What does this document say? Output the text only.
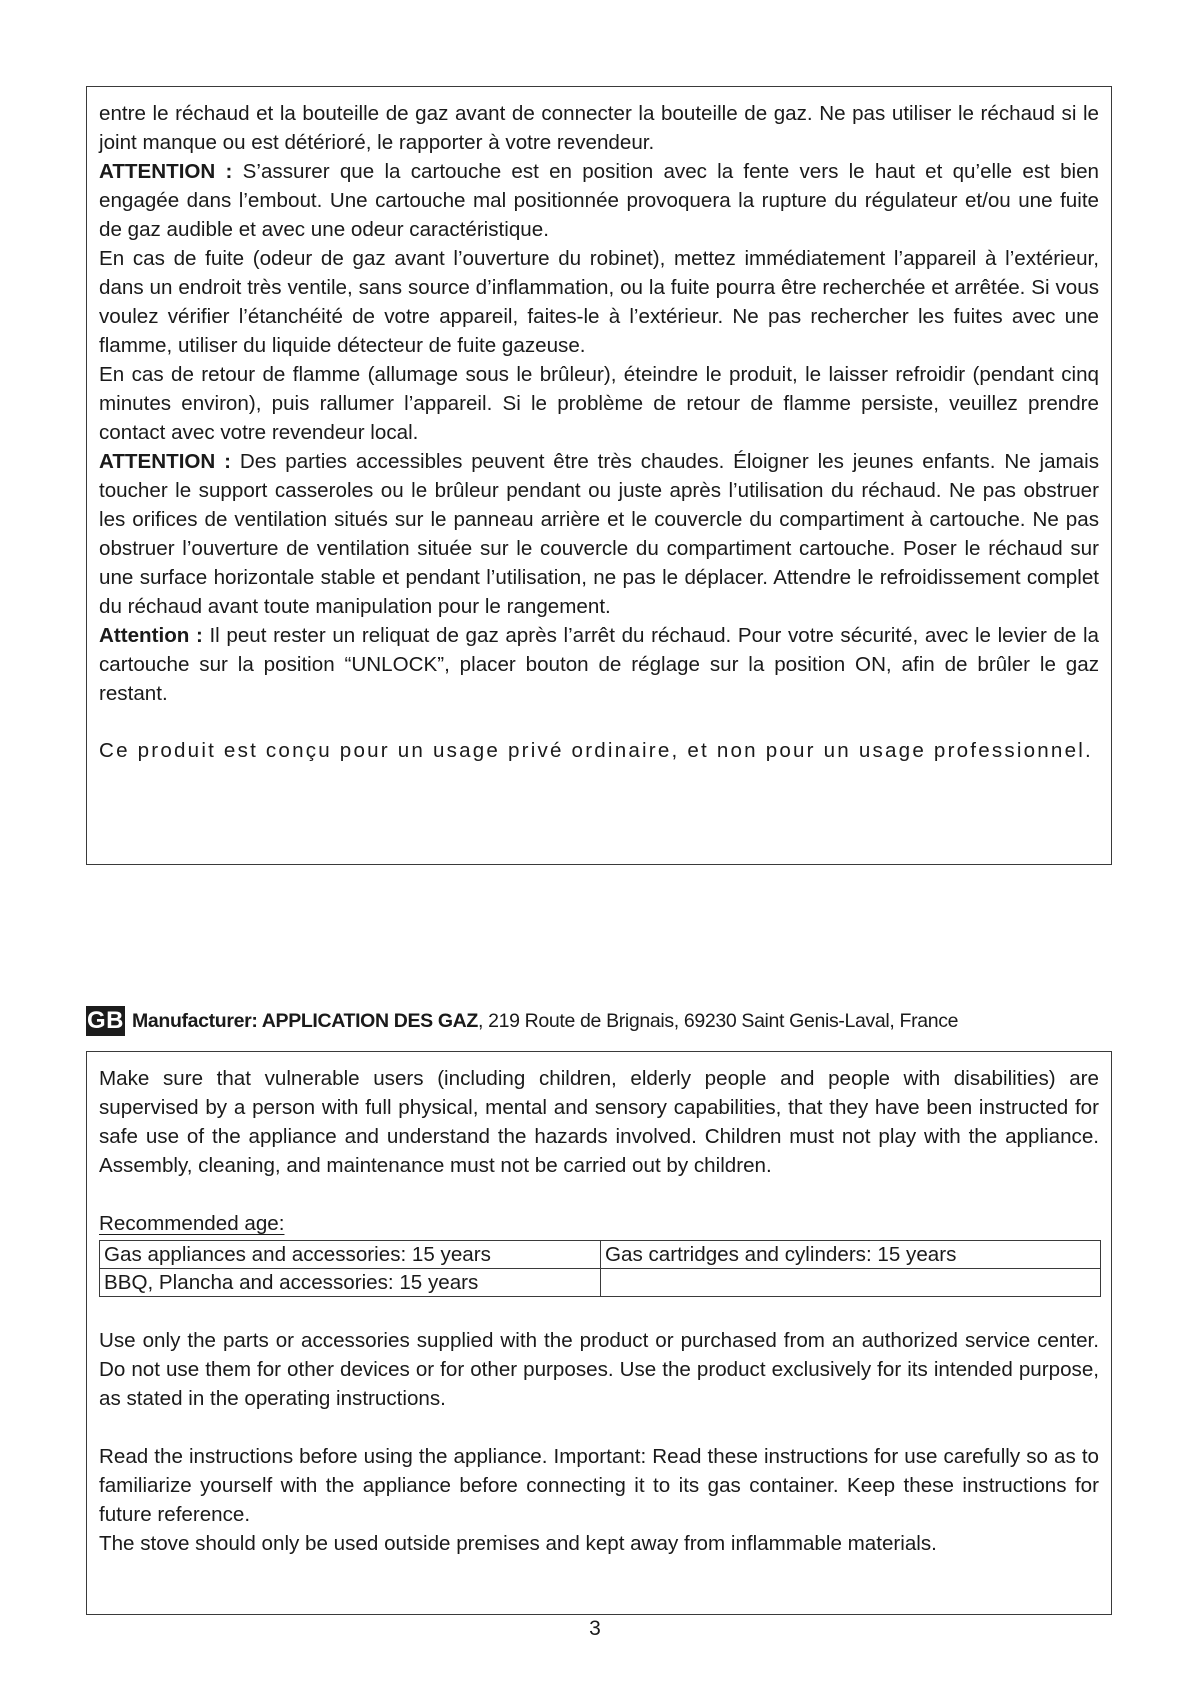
entre le réchaud et la bouteille de gaz avant de connecter la bouteille de gaz. Ne pas utiliser le réchaud si le joint manque ou est détérioré, le rapporter à votre revendeur.

ATTENTION : S’assurer que la cartouche est en position avec la fente vers le haut et qu’elle est bien engagée dans l’embout. Une cartouche mal positionnée provoquera la rupture du régulateur et/ou une fuite de gaz audible et avec une odeur caractéristique.

En cas de fuite (odeur de gaz avant l’ouverture du robinet), mettez immédiatement l’appareil à l’extérieur, dans un endroit très ventile, sans source d’inflammation, ou la fuite pourra être recherchée et arrêtée. Si vous voulez vérifier l’étanchéité de votre appareil, faites-le à l’extérieur. Ne pas rechercher les fuites avec une flamme, utiliser du liquide détecteur de fuite gazeuse.

En cas de retour de flamme (allumage sous le brûleur), éteindre le produit, le laisser refroidir (pendant cinq minutes environ), puis rallumer l’appareil. Si le problème de retour de flamme persiste, veuillez prendre contact avec votre revendeur local.

ATTENTION : Des parties accessibles peuvent être très chaudes. Éloigner les jeunes enfants. Ne jamais toucher le support casseroles ou le brûleur pendant ou juste après l’utilisation du réchaud. Ne pas obstruer les orifices de ventilation situés sur le panneau arrière et le couvercle du compartiment à cartouche. Ne pas obstruer l’ouverture de ventilation située sur le couvercle du compartiment cartouche. Poser le réchaud sur une surface horizontale stable et pendant l’utilisation, ne pas le déplacer. Attendre le refroidissement complet du réchaud avant toute manipulation pour le rangement.

Attention : Il peut rester un reliquat de gaz après l’arrêt du réchaud. Pour votre sécurité, avec le levier de la cartouche sur la position “UNLOCK”, placer bouton de réglage sur la position ON, afin de brûler le gaz restant.

Ce produit est conçu pour un usage privé ordinaire, et non pour un usage professionnel.

GB Manufacturer: APPLICATION DES GAZ, 219 Route de Brignais, 69230 Saint Genis-Laval, France

Make sure that vulnerable users (including children, elderly people and people with disabilities) are supervised by a person with full physical, mental and sensory capabilities, that they have been instructed for safe use of the appliance and understand the hazards involved. Children must not play with the appliance. Assembly, cleaning, and maintenance must not be carried out by children.

Recommended age:

Gas appliances and accessories: 15 years	Gas cartridges and cylinders: 15 years
BBQ, Plancha and accessories: 15 years	

Use only the parts or accessories supplied with the product or purchased from an authorized service center. Do not use them for other devices or for other purposes. Use the product exclusively for its intended purpose, as stated in the operating instructions.

Read the instructions before using the appliance. Important: Read these instructions for use carefully so as to familiarize yourself with the appliance before connecting it to its gas container. Keep these instructions for future reference.

The stove should only be used outside premises and kept away from inflammable materials.

3
